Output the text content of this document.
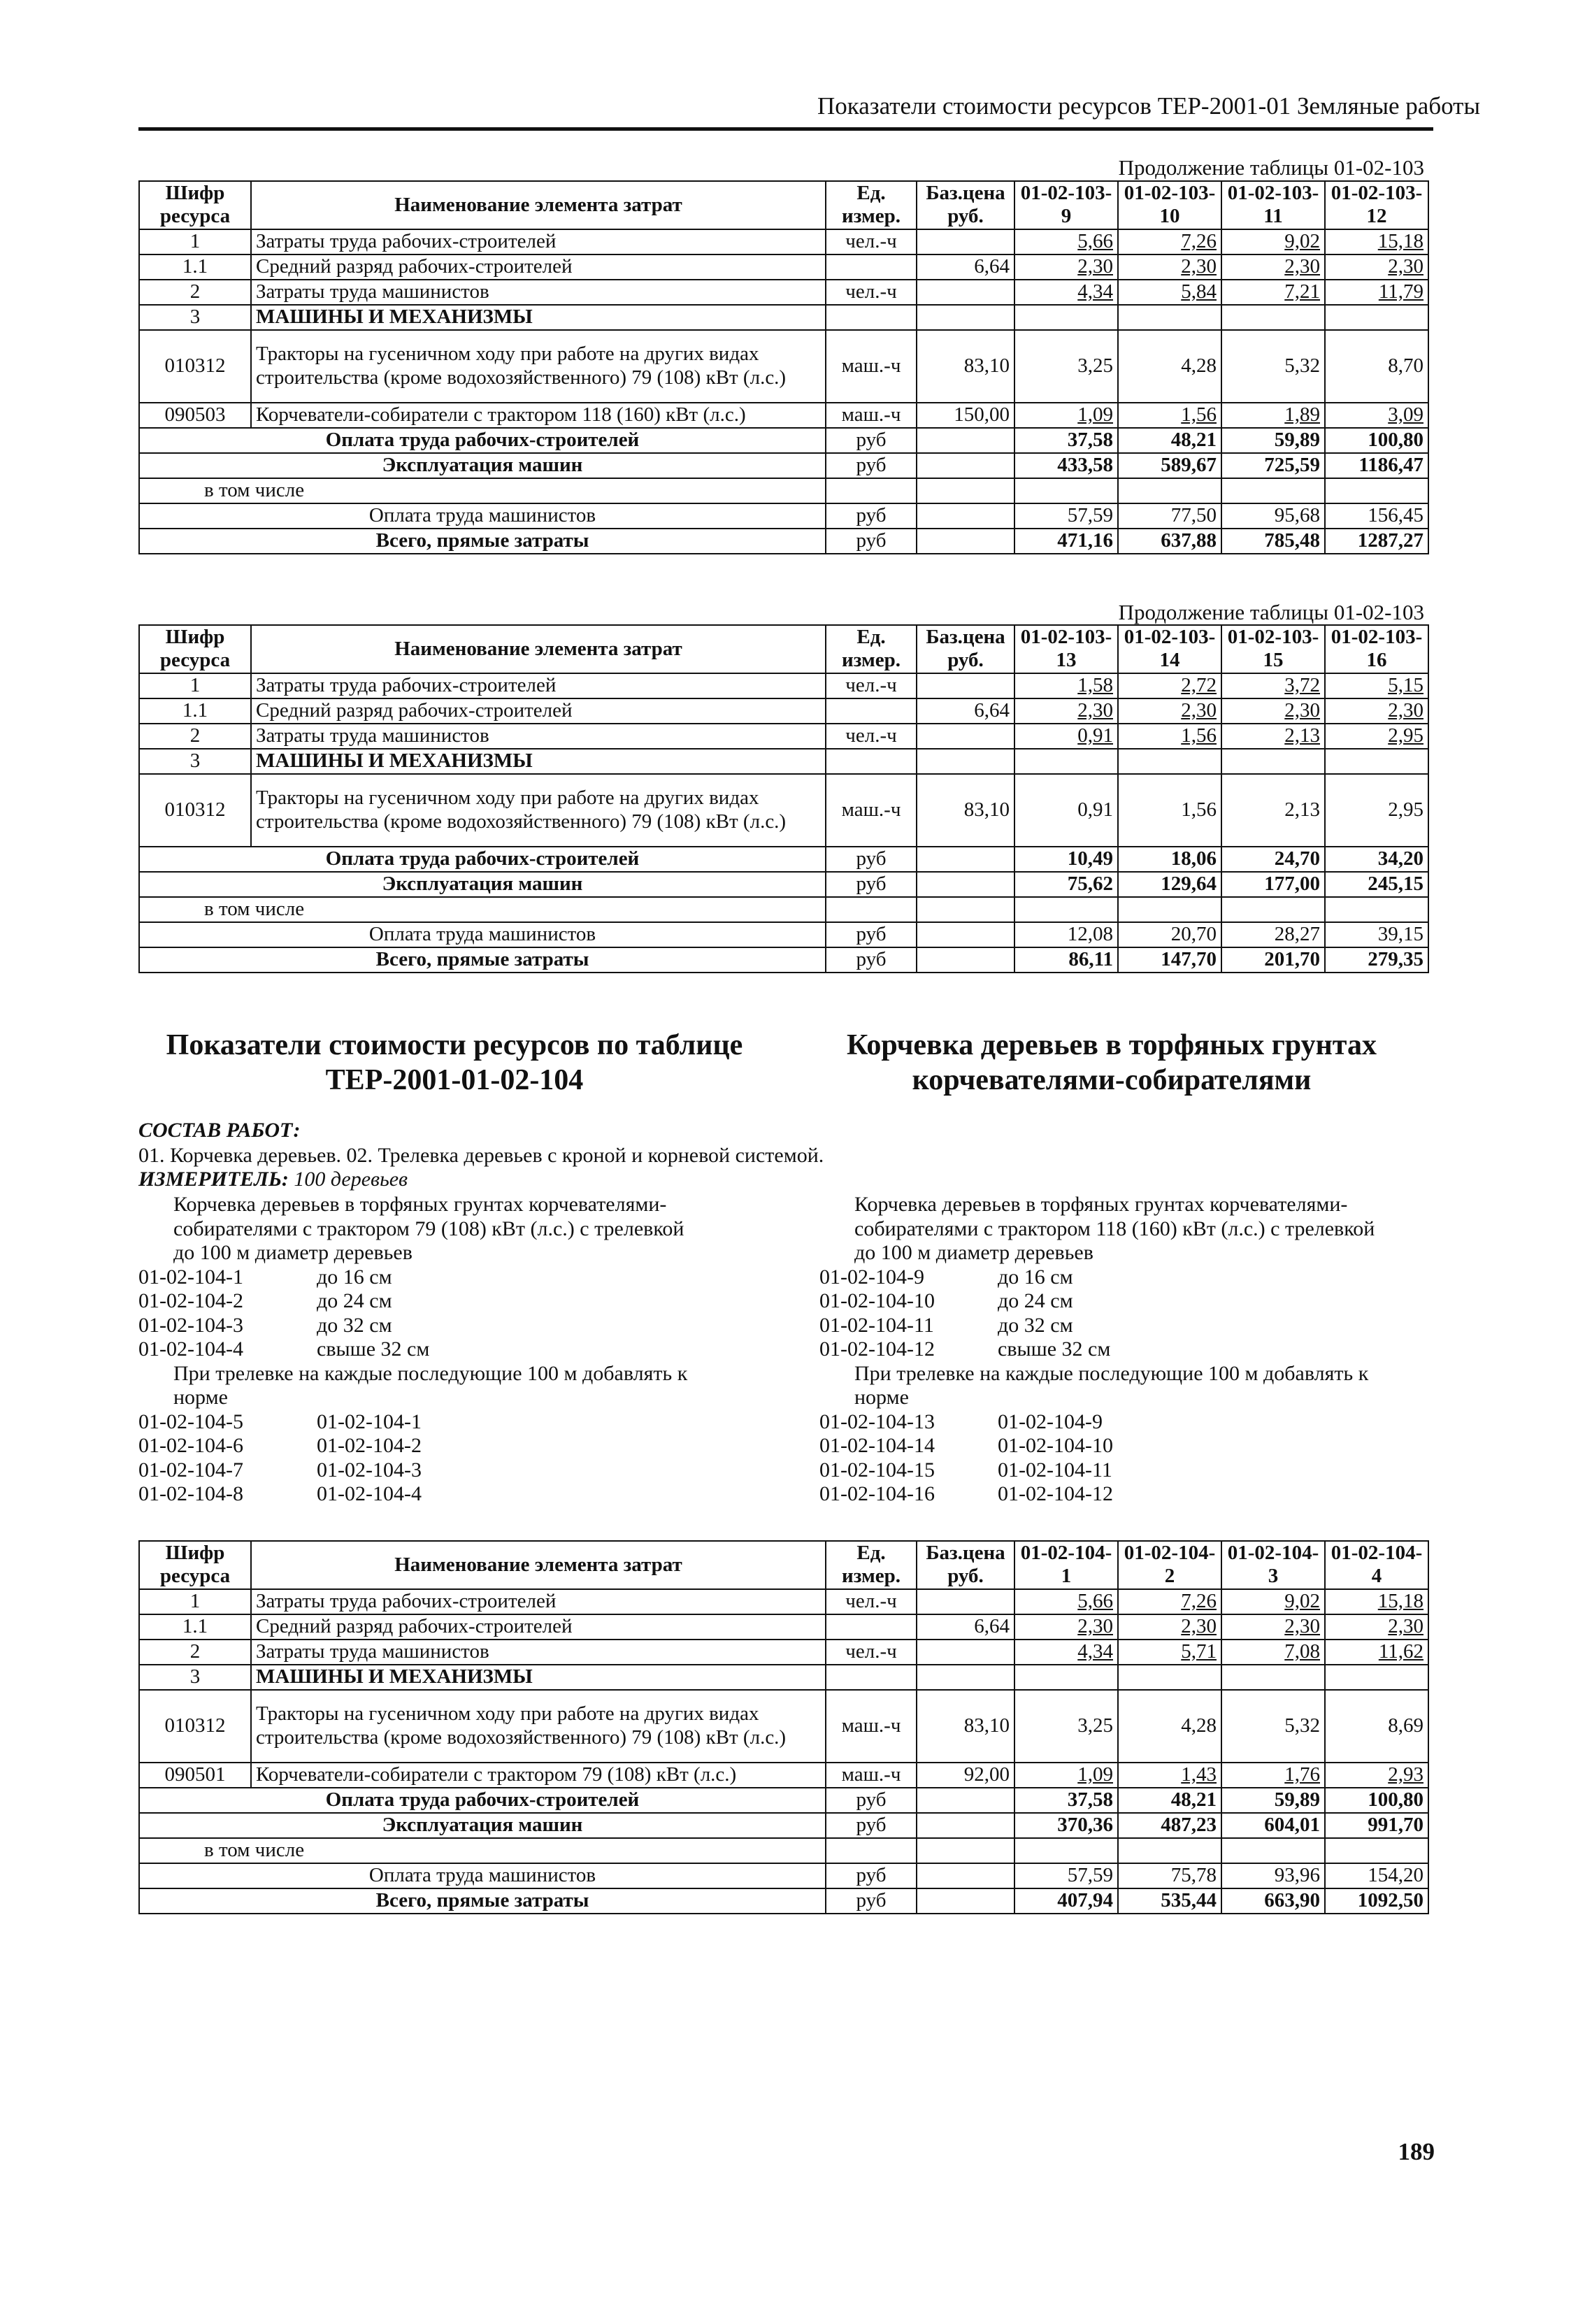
Показатели стоимости ресурсов ТЕР-2001-01 Земляные работы
Продолжение таблицы 01-02-103
Шифр ресурса	Наименование элемента затрат	Ед. измер.	Баз.цена руб.	01-02-103-9	01-02-103-10	01-02-103-11	01-02-103-12
1	Затраты труда рабочих-строителей	чел.-ч		5,66	7,26	9,02	15,18
1.1	Средний разряд рабочих-строителей		6,64	2,30	2,30	2,30	2,30
2	Затраты труда машинистов	чел.-ч		4,34	5,84	7,21	11,79
3	МАШИНЫ И МЕХАНИЗМЫ						
010312	Тракторы на гусеничном ходу при работе на других видах строительства (кроме водохозяйственного) 79 (108) кВт (л.с.)	маш.-ч	83,10	3,25	4,28	5,32	8,70
090503	Корчеватели-собиратели с трактором 118 (160) кВт (л.с.)	маш.-ч	150,00	1,09	1,56	1,89	3,09
Оплата труда рабочих-строителей		руб		37,58	48,21	59,89	100,80
Эксплуатация машин		руб		433,58	589,67	725,59	1186,47
в том числе							
Оплата труда машинистов		руб		57,59	77,50	95,68	156,45
Всего, прямые затраты		руб		471,16	637,88	785,48	1287,27
Продолжение таблицы 01-02-103
Шифр ресурса	Наименование элемента затрат	Ед. измер.	Баз.цена руб.	01-02-103-13	01-02-103-14	01-02-103-15	01-02-103-16
1	Затраты труда рабочих-строителей	чел.-ч		1,58	2,72	3,72	5,15
1.1	Средний разряд рабочих-строителей		6,64	2,30	2,30	2,30	2,30
2	Затраты труда машинистов	чел.-ч		0,91	1,56	2,13	2,95
3	МАШИНЫ И МЕХАНИЗМЫ						
010312	Тракторы на гусеничном ходу при работе на других видах строительства (кроме водохозяйственного) 79 (108) кВт (л.с.)	маш.-ч	83,10	0,91	1,56	2,13	2,95
Оплата труда рабочих-строителей		руб		10,49	18,06	24,70	34,20
Эксплуатация машин		руб		75,62	129,64	177,00	245,15
в том числе							
Оплата труда машинистов		руб		12,08	20,70	28,27	39,15
Всего, прямые затраты		руб		86,11	147,70	201,70	279,35
Показатели стоимости ресурсов по таблице ТЕР-2001-01-02-104
Корчевка деревьев в торфяных грунтах корчевателями-собирателями
СОСТАВ РАБОТ:
01. Корчевка деревьев. 02. Трелевка деревьев с кроной и корневой системой.
ИЗМЕРИТЕЛЬ: 100 деревьев
Корчевка деревьев в торфяных грунтах корчевателями-
собирателями с трактором 79 (108) кВт (л.с.) с трелевкой
до 100 м диаметр деревьев
01-02-104-1	до 16 см
01-02-104-2	до 24 см
01-02-104-3	до 32 см
01-02-104-4	свыше 32 см
При трелевке на каждые последующие 100 м добавлять к
норме
01-02-104-5	01-02-104-1
01-02-104-6	01-02-104-2
01-02-104-7	01-02-104-3
01-02-104-8	01-02-104-4
Корчевка деревьев в торфяных грунтах корчевателями-
собирателями с трактором 118 (160) кВт (л.с.) с трелевкой
до 100 м диаметр деревьев
01-02-104-9	до 16 см
01-02-104-10	до 24 см
01-02-104-11	до 32 см
01-02-104-12	свыше 32 см
При трелевке на каждые последующие 100 м добавлять к
норме
01-02-104-13	01-02-104-9
01-02-104-14	01-02-104-10
01-02-104-15	01-02-104-11
01-02-104-16	01-02-104-12
Шифр ресурса	Наименование элемента затрат	Ед. измер.	Баз.цена руб.	01-02-104-1	01-02-104-2	01-02-104-3	01-02-104-4
1	Затраты труда рабочих-строителей	чел.-ч		5,66	7,26	9,02	15,18
1.1	Средний разряд рабочих-строителей		6,64	2,30	2,30	2,30	2,30
2	Затраты труда машинистов	чел.-ч		4,34	5,71	7,08	11,62
3	МАШИНЫ И МЕХАНИЗМЫ						
010312	Тракторы на гусеничном ходу при работе на других видах строительства (кроме водохозяйственного) 79 (108) кВт (л.с.)	маш.-ч	83,10	3,25	4,28	5,32	8,69
090501	Корчеватели-собиратели с трактором 79 (108) кВт (л.с.)	маш.-ч	92,00	1,09	1,43	1,76	2,93
Оплата труда рабочих-строителей		руб		37,58	48,21	59,89	100,80
Эксплуатация машин		руб		370,36	487,23	604,01	991,70
в том числе							
Оплата труда машинистов		руб		57,59	75,78	93,96	154,20
Всего, прямые затраты		руб		407,94	535,44	663,90	1092,50
189
